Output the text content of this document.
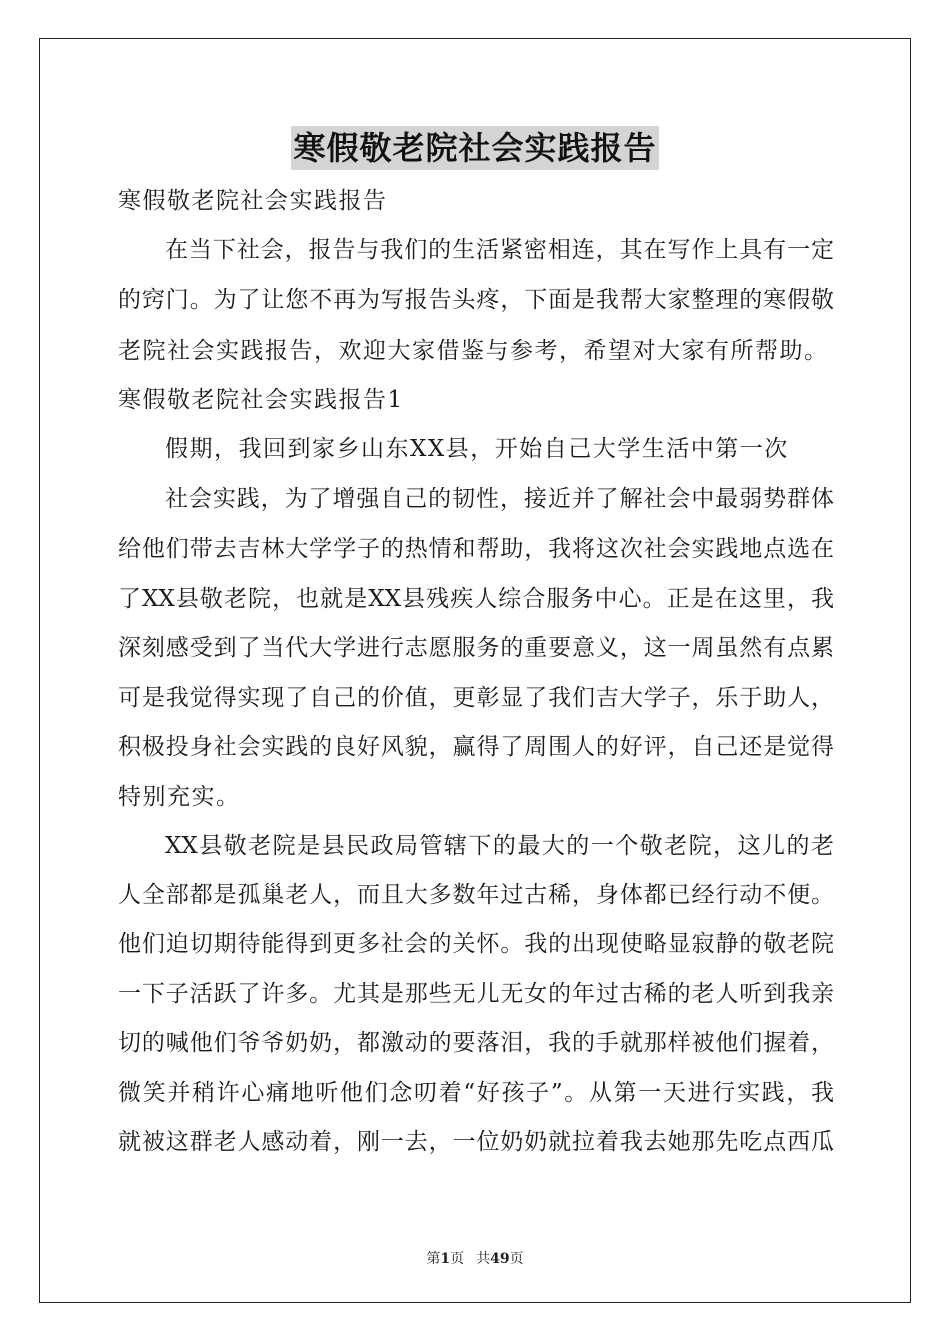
寒假敬老院社会实践报告
寒假敬老院社会实践报告
在当下社会，报告与我们的生活紧密相连，其在写作上具有一定
的窍门。为了让您不再为写报告头疼，下面是我帮大家整理的寒假敬
老院社会实践报告，欢迎大家借鉴与参考，希望对大家有所帮助。
寒假敬老院社会实践报告1
假期，我回到家乡山东XX县，开始自己大学生活中第一次
社会实践，为了增强自己的韧性，接近并了解社会中最弱势群体
给他们带去吉林大学学子的热情和帮助，我将这次社会实践地点选在
了XX县敬老院，也就是XX县残疾人综合服务中心。正是在这里，我
深刻感受到了当代大学进行志愿服务的重要意义，这一周虽然有点累
可是我觉得实现了自己的价值，更彰显了我们吉大学子，乐于助人，
积极投身社会实践的良好风貌，赢得了周围人的好评，自己还是觉得
特别充实。
XX县敬老院是县民政局管辖下的最大的一个敬老院，这儿的老
人全部都是孤巢老人，而且大多数年过古稀，身体都已经行动不便。
他们迫切期待能得到更多社会的关怀。我的出现使略显寂静的敬老院
一下子活跃了许多。尤其是那些无儿无女的年过古稀的老人听到我亲
切的喊他们爷爷奶奶，都激动的要落泪，我的手就那样被他们握着，
微笑并稍许心痛地听他们念叨着“好孩子”。从第一天进行实践，我
就被这群老人感动着，刚一去，一位奶奶就拉着我去她那先吃点西瓜
第1页 共49页
